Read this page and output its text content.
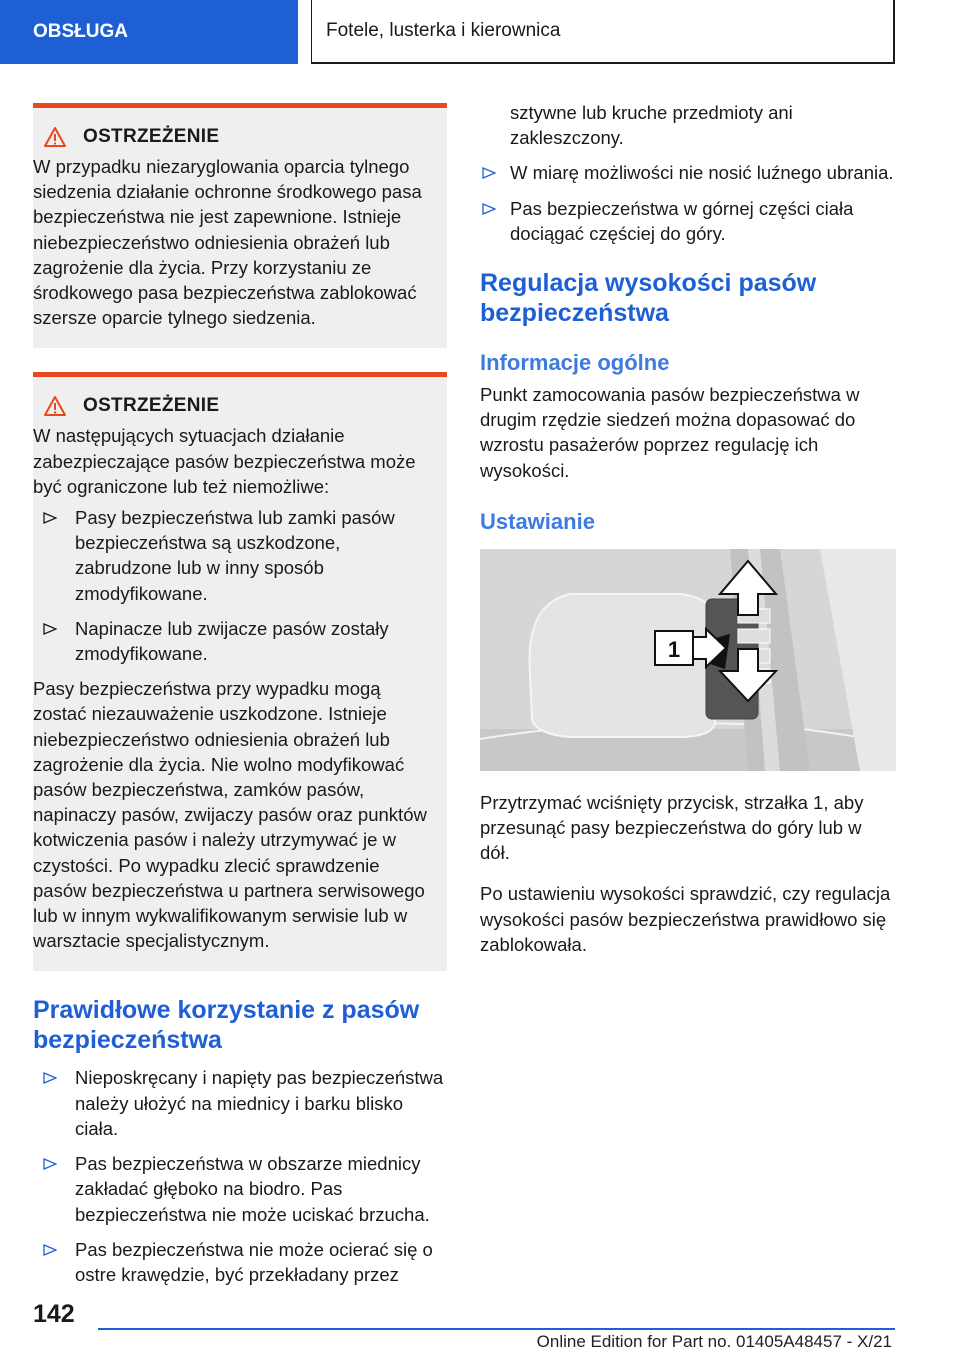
OBSŁUGA	Fotele, lusterka i kierownica
OSTRZEŻENIE
W przypadku niezaryglowania oparcia tylnego siedzenia działanie ochronne środkowego pasa bezpieczeństwa nie jest zapewnione. Istnieje niebezpieczeństwo odniesienia obrażeń lub zagrożenie dla życia. Przy korzystaniu ze środkowego pasa bezpieczeństwa zablokować szersze oparcie tylnego siedzenia.
OSTRZEŻENIE
W następujących sytuacjach działanie zabezpieczające pasów bezpieczeństwa może być ograniczone lub też niemożliwe:
Pasy bezpieczeństwa lub zamki pasów bezpieczeństwa są uszkodzone, zabrudzone lub w inny sposób zmodyfikowane.
Napinacze lub zwijacze pasów zostały zmodyfikowane.
Pasy bezpieczeństwa przy wypadku mogą zostać niezauważenie uszkodzone. Istnieje niebezpieczeństwo odniesienia obrażeń lub zagrożenie dla życia. Nie wolno modyfikować pasów bezpieczeństwa, zamków pasów, napinaczy pasów, zwijaczy pasów oraz punktów kotwiczenia pasów i należy utrzymywać je w czystości. Po wypadku zlecić sprawdzenie pasów bezpieczeństwa u partnera serwisowego lub w innym wykwalifikowanym serwisie lub w warsztacie specjalistycznym.
Prawidłowe korzystanie z pasów bezpieczeństwa
Nieposkręcany i napięty pas bezpieczeństwa należy ułożyć na miednicy i barku blisko ciała.
Pas bezpieczeństwa w obszarze miednicy zakładać głęboko na biodro. Pas bezpieczeństwa nie może uciskać brzucha.
Pas bezpieczeństwa nie może ocierać się o ostre krawędzie, być przekładany przez

sztywne lub kruche przedmioty ani zakleszczony.

W miarę możliwości nie nosić luźnego ubrania.
Pas bezpieczeństwa w górnej części ciała dociągać częściej do góry.
Regulacja wysokości pasów bezpieczeństwa
Informacje ogólne

Punkt zamocowania pasów bezpieczeństwa w drugim rzędzie siedzeń można dopasować do wzrostu pasażerów poprzez regulację ich wysokości.

Ustawianie
1

Przytrzymać wciśnięty przycisk, strzałka 1, aby przesunąć pasy bezpieczeństwa do góry lub w dół.

Po ustawieniu wysokości sprawdzić, czy regulacja wysokości pasów bezpieczeństwa prawidłowo się zablokowała.

142
Online Edition for Part no. 01405A48457 - X/21
